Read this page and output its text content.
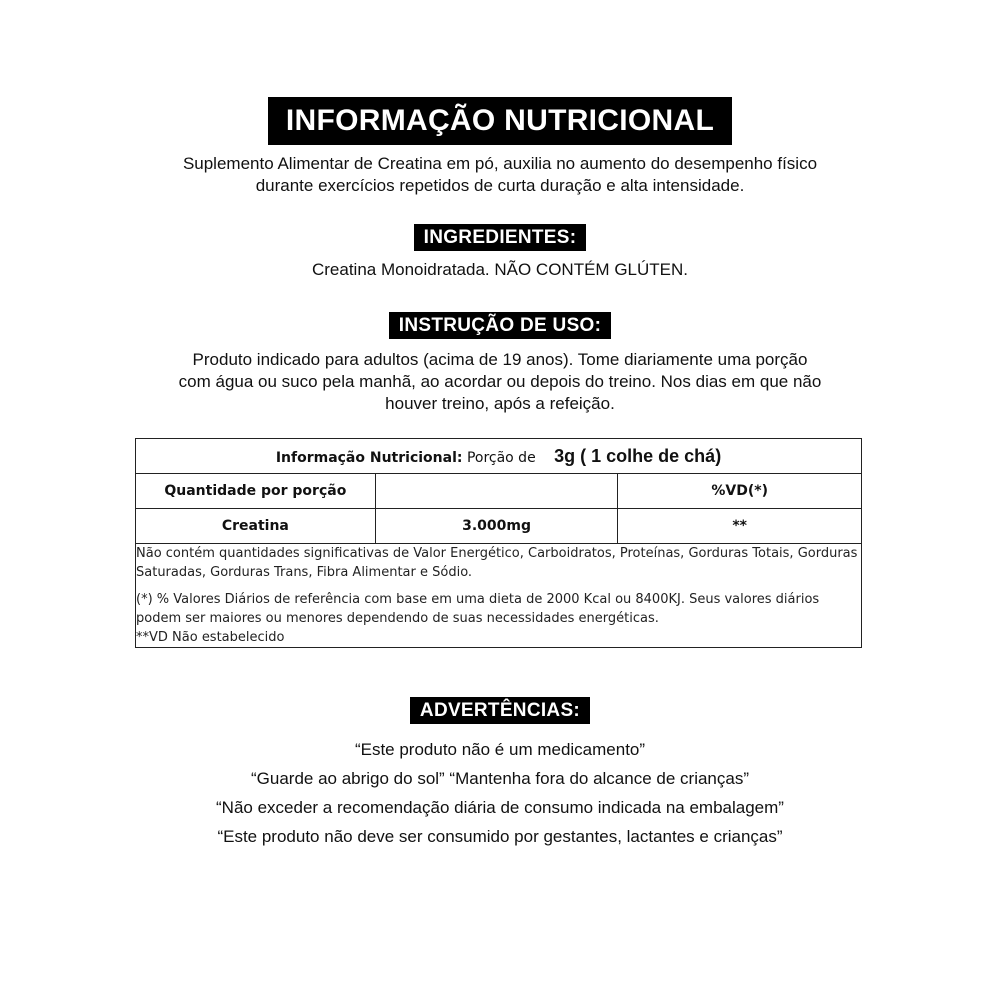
INFORMAÇÃO NUTRICIONAL
Suplemento Alimentar de Creatina em pó, auxilia no aumento do desempenho físico
durante exercícios repetidos de curta duração e alta intensidade.
INGREDIENTES:
Creatina Monoidratada. NÃO CONTÉM GLÚTEN.
INSTRUÇÃO DE USO:
Produto indicado para adultos (acima de 19 anos). Tome diariamente uma porção
com água ou suco pela manhã, ao acordar ou depois do treino. Nos dias em que não
houver treino, após a refeição.
Informação Nutricional: Porção de 3g ( 1 colhe de chá)		
Quantidade por porção		%VD(*)
Creatina	3.000mg	**

Não contém quantidades significativas de Valor Energético, Carboidratos, Proteínas, Gorduras Totais, Gorduras Saturadas, Gorduras Trans, Fibra Alimentar e Sódio.

(*) % Valores Diários de referência com base em uma dieta de 2000 Kcal ou 8400KJ. Seus valores diários podem ser maiores ou menores dependendo de suas necessidades energéticas.
**VD Não estabelecido		

ADVERTÊNCIAS:
“Este produto não é um medicamento”
“Guarde ao abrigo do sol” “Mantenha fora do alcance de crianças”
“Não exceder a recomendação diária de consumo indicada na embalagem”
“Este produto não deve ser consumido por gestantes, lactantes e crianças”
